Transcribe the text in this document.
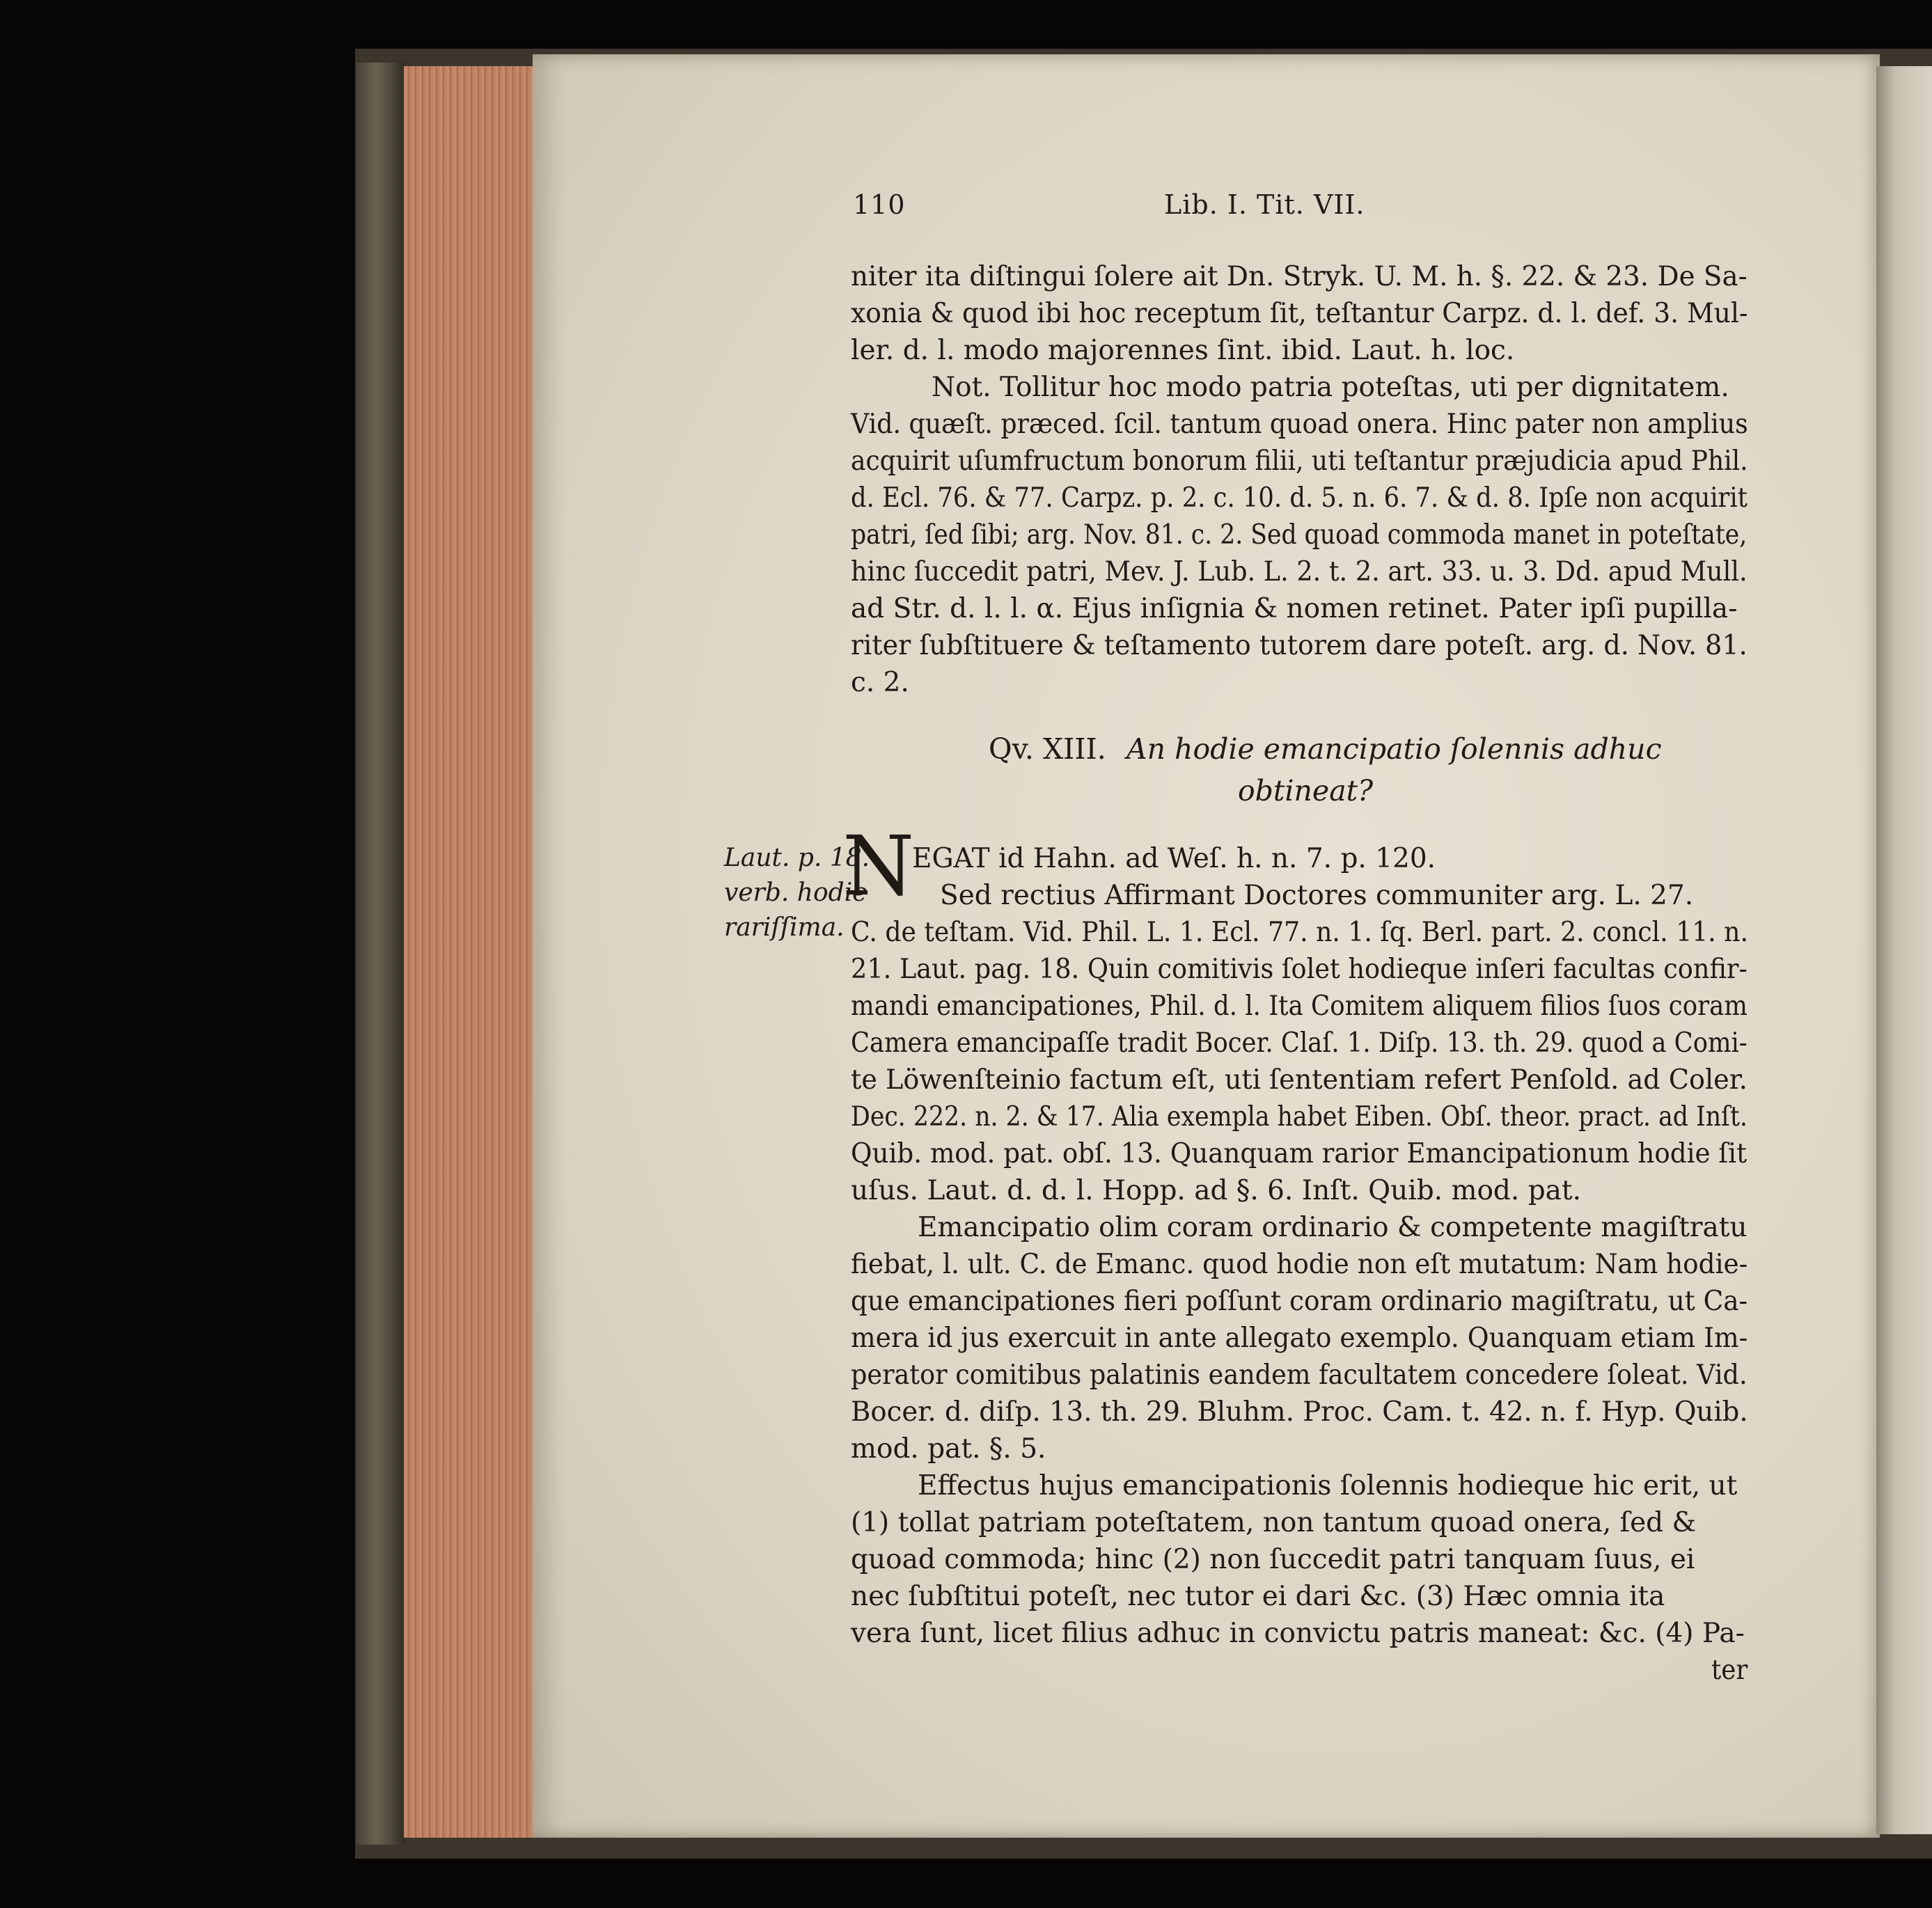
110	Lib. I. Tit. VII.
niter ita diſtingui ſolere ait Dn. Stryk. U. M. h. §. 22. & 23. De Sa-
xonia & quod ibi hoc receptum ſit, teſtantur Carpz. d. l. def. 3. Mul-
ler. d. l. modo majorennes ſint. ibid. Laut. h. loc.
Not. Tollitur hoc modo patria poteſtas, uti per dignitatem.
Vid. quæſt. præced. ſcil. tantum quoad onera. Hinc pater non amplius
acquirit uſumfructum bonorum filii, uti teſtantur præjudicia apud Phil.
d. Ecl. 76. & 77. Carpz. p. 2. c. 10. d. 5. n. 6. 7. & d. 8. Ipſe non acquirit
patri, ſed ſibi; arg. Nov. 81. c. 2. Sed quoad commoda manet in poteſtate,
hinc ſuccedit patri, Mev. J. Lub. L. 2. t. 2. art. 33. u. 3. Dd. apud Mull.
ad Str. d. l. l. α. Ejus inſignia & nomen retinet. Pater ipſi pupilla-
riter ſubſtituere & teſtamento tutorem dare poteſt. arg. d. Nov. 81.
c. 2.
Qv. XIII. An hodie emancipatio ſolennis adhuc
obtineat?
Laut. p. 18.
verb. hodie
rariſſima.
N
EGAT id Hahn. ad Weſ. h. n. 7. p. 120.
Sed rectius Affirmant Doctores communiter arg. L. 27.
C. de teſtam. Vid. Phil. L. 1. Ecl. 77. n. 1. ſq. Berl. part. 2. concl. 11. n.
21. Laut. pag. 18. Quin comitivis ſolet hodieque inſeri facultas confir-
mandi emancipationes, Phil. d. l. Ita Comitem aliquem filios ſuos coram
Camera emancipaſſe tradit Bocer. Claſ. 1. Diſp. 13. th. 29. quod a Comi-
te Löwenſteinio factum eſt, uti ſententiam refert Penſold. ad Coler.
Dec. 222. n. 2. & 17. Alia exempla habet Eiben. Obſ. theor. pract. ad Inſt.
Quib. mod. pat. obſ. 13. Quanquam rarior Emancipationum hodie ſit
uſus. Laut. d. d. l. Hopp. ad §. 6. Inſt. Quib. mod. pat.
Emancipatio olim coram ordinario & competente magiſtratu
fiebat, l. ult. C. de Emanc. quod hodie non eſt mutatum: Nam hodie-
que emancipationes fieri poſſunt coram ordinario magiſtratu, ut Ca-
mera id jus exercuit in ante allegato exemplo. Quanquam etiam Im-
perator comitibus palatinis eandem facultatem concedere ſoleat. Vid.
Bocer. d. diſp. 13. th. 29. Bluhm. Proc. Cam. t. 42. n. f. Hyp. Quib.
mod. pat. §. 5.
Effectus hujus emancipationis ſolennis hodieque hic erit, ut
(1) tollat patriam poteſtatem, non tantum quoad onera, ſed &
quoad commoda; hinc (2) non ſuccedit patri tanquam ſuus, ei
nec ſubſtitui poteſt, nec tutor ei dari &c. (3) Hæc omnia ita
vera ſunt, licet filius adhuc in convictu patris maneat: &c. (4) Pa-
ter
